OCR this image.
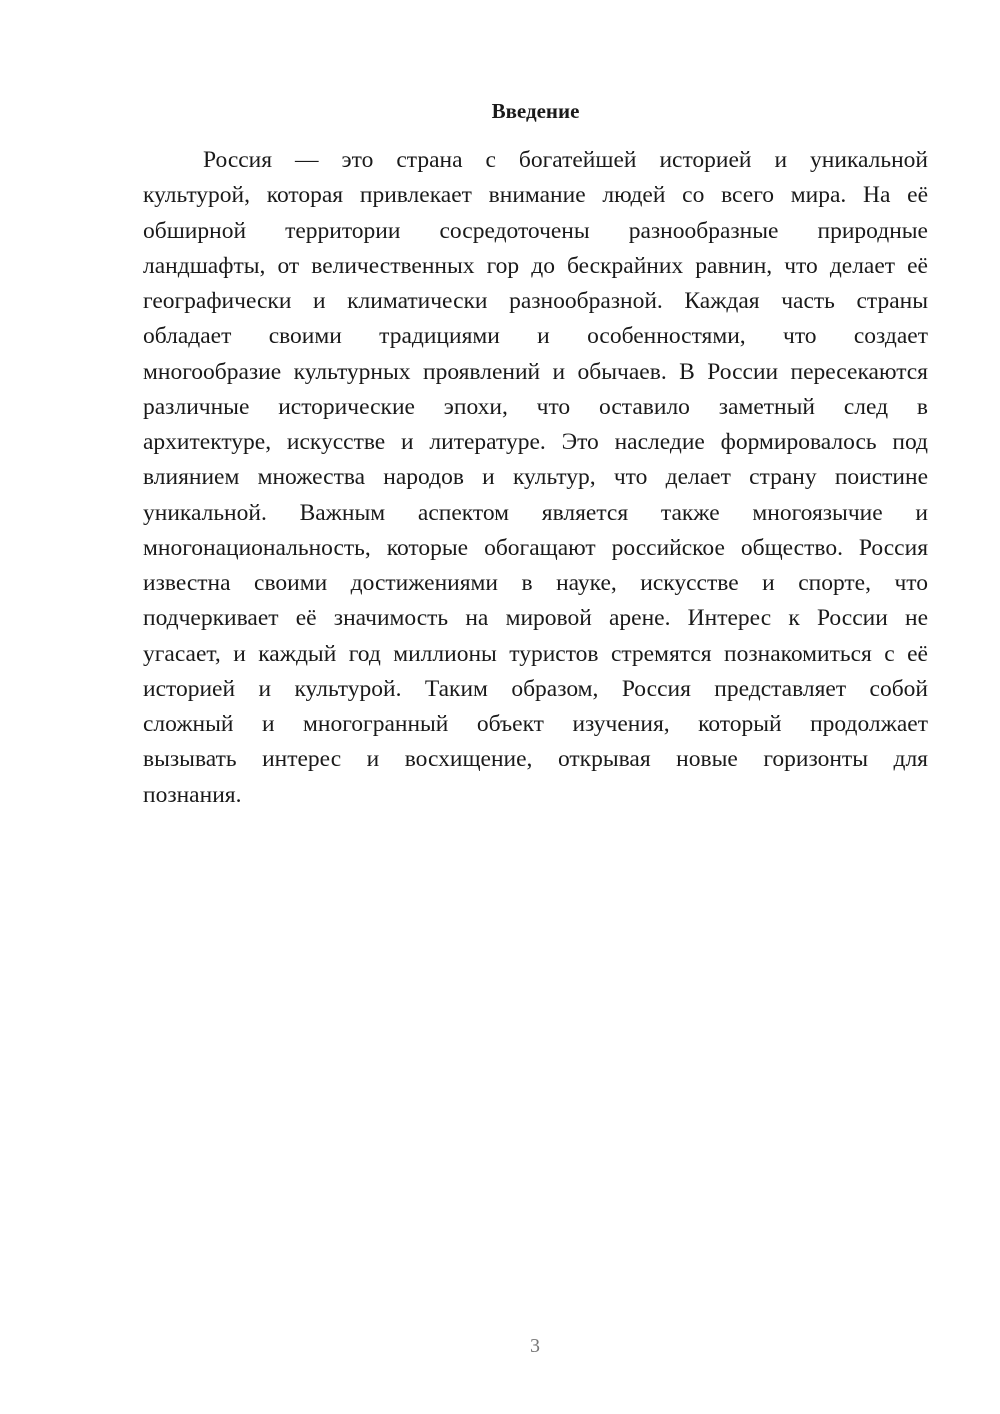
Введение
Россия — это страна с богатейшей историей и уникальной
культурой, которая привлекает внимание людей со всего мира. На её
обширной территории сосредоточены разнообразные природные
ландшафты, от величественных гор до бескрайних равнин, что делает её
географически и климатически разнообразной. Каждая часть страны
обладает своими традициями и особенностями, что создает
многообразие культурных проявлений и обычаев. В России пересекаются
различные исторические эпохи, что оставило заметный след в
архитектуре, искусстве и литературе. Это наследие формировалось под
влиянием множества народов и культур, что делает страну поистине
уникальной. Важным аспектом является также многоязычие и
многонациональность, которые обогащают российское общество. Россия
известна своими достижениями в науке, искусстве и спорте, что
подчеркивает её значимость на мировой арене. Интерес к России не
угасает, и каждый год миллионы туристов стремятся познакомиться с её
историей и культурой. Таким образом, Россия представляет собой
сложный и многогранный объект изучения, который продолжает
вызывать интерес и восхищение, открывая новые горизонты для
познания.
3
